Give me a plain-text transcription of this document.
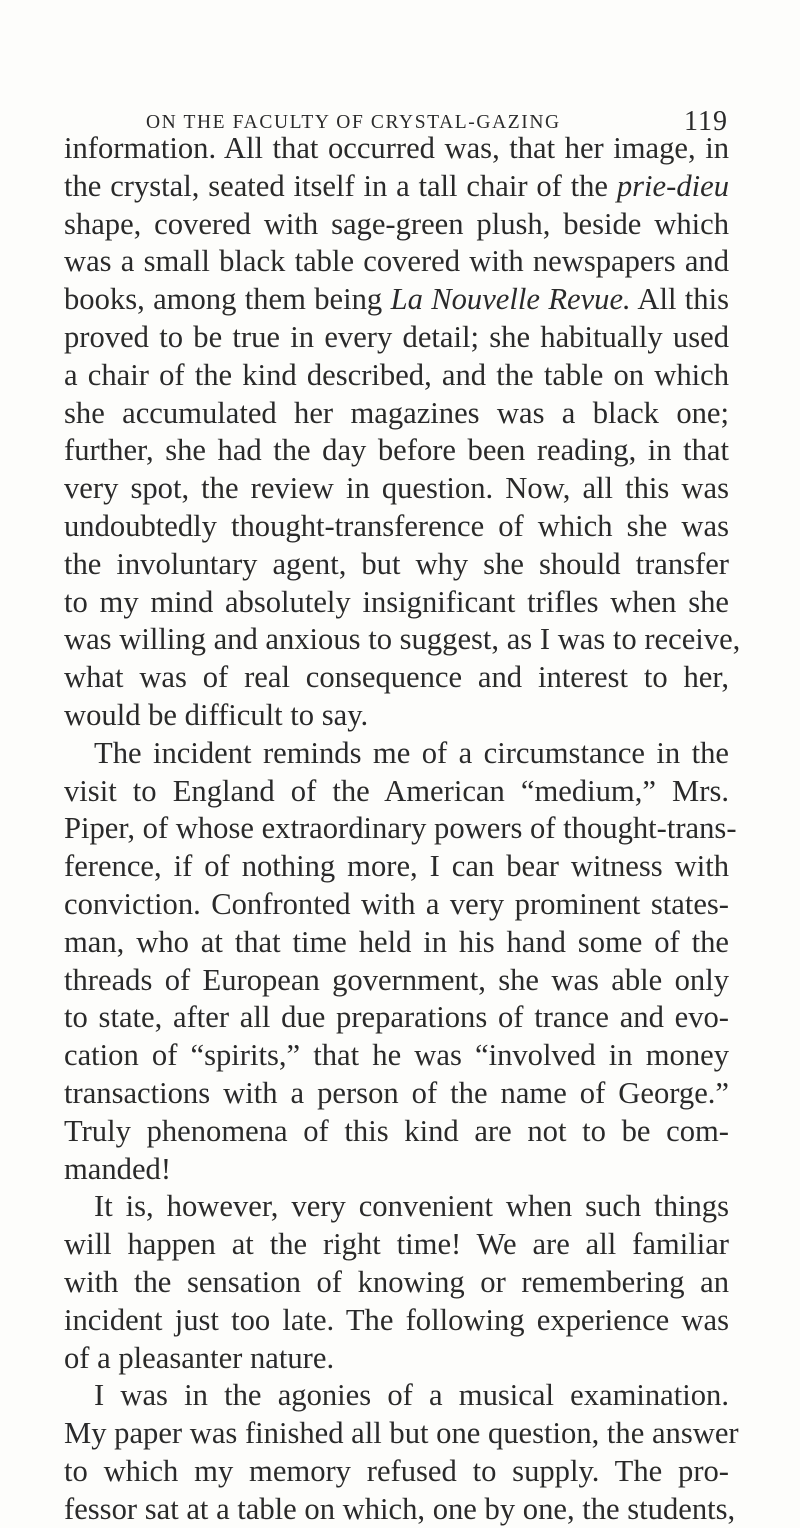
ON THE FACULTY OF CRYSTAL-GAZING	119
information. All that occurred was, that her image, in
the crystal, seated itself in a tall chair of the prie-dieu
shape, covered with sage-green plush, beside which
was a small black table covered with newspapers and
books, among them being La Nouvelle Revue. All this
proved to be true in every detail; she habitually used
a chair of the kind described, and the table on which
she accumulated her magazines was a black one;
further, she had the day before been reading, in that
very spot, the review in question. Now, all this was
undoubtedly thought-transference of which she was
the involuntary agent, but why she should transfer
to my mind absolutely insignificant trifles when she
was willing and anxious to suggest, as I was to receive,
what was of real consequence and interest to her,
would be difficult to say.
The incident reminds me of a circumstance in the
visit to England of the American “medium,” Mrs.
Piper, of whose extraordinary powers of thought-trans-
ference, if of nothing more, I can bear witness with
conviction. Confronted with a very prominent states-
man, who at that time held in his hand some of the
threads of European government, she was able only
to state, after all due preparations of trance and evo-
cation of “spirits,” that he was “involved in money
transactions with a person of the name of George.”
Truly phenomena of this kind are not to be com-
manded!
It is, however, very convenient when such things
will happen at the right time! We are all familiar
with the sensation of knowing or remembering an
incident just too late. The following experience was
of a pleasanter nature.
I was in the agonies of a musical examination.
My paper was finished all but one question, the answer
to which my memory refused to supply. The pro-
fessor sat at a table on which, one by one, the students,
